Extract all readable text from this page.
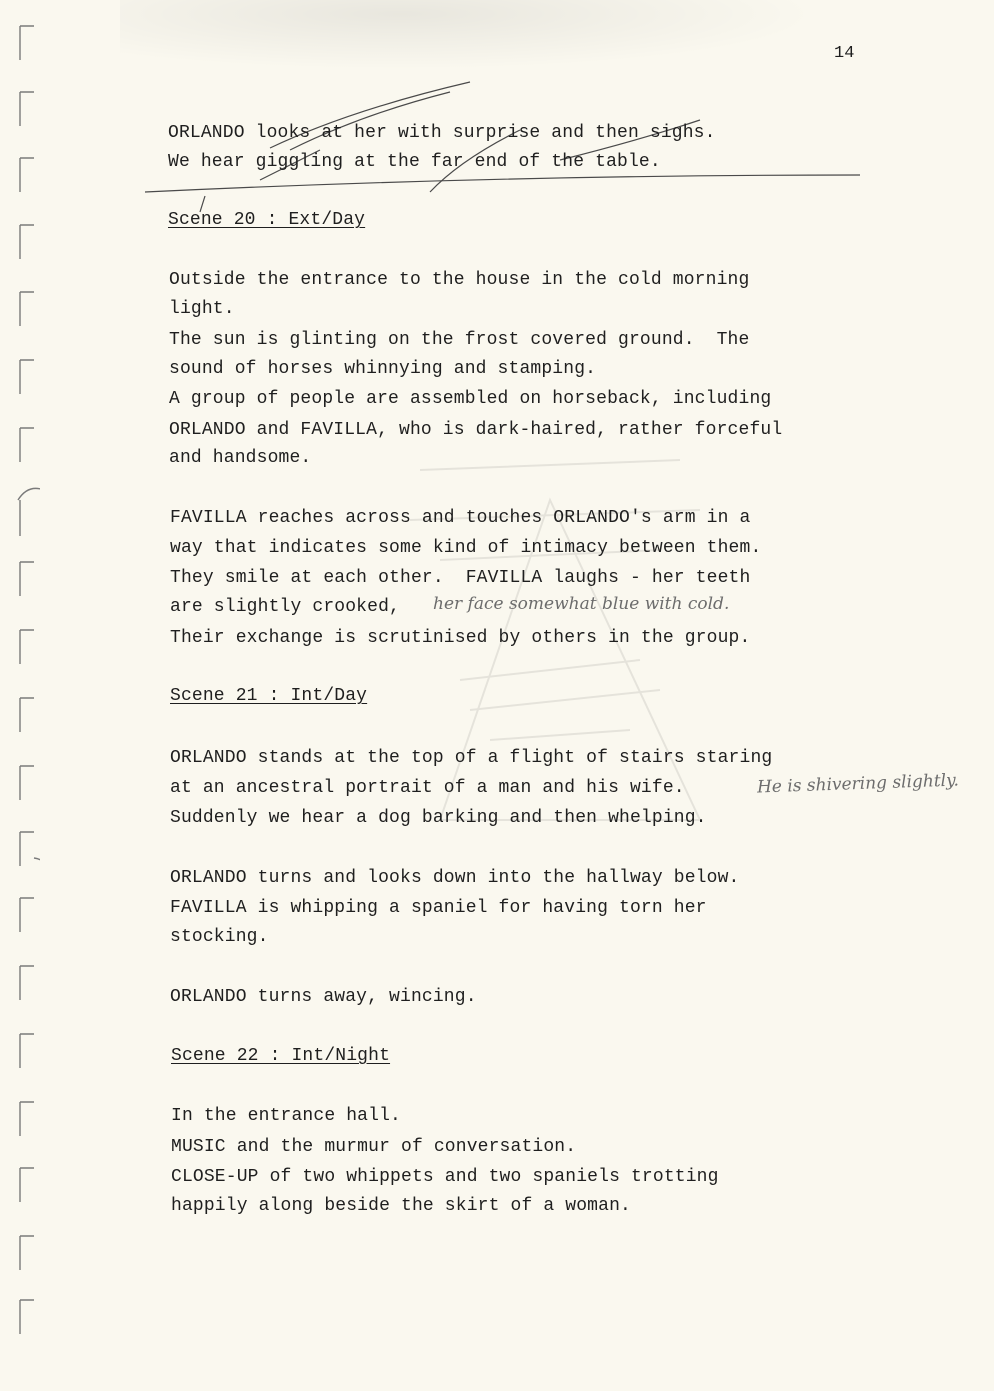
14
ORLANDO looks at her with surprise and then sighs.
We hear giggling at the far end of the table.
Scene 20 : Ext/Day
Outside the entrance to the house in the cold morning
light.
The sun is glinting on the frost covered ground.  The
sound of horses whinnying and stamping.
A group of people are assembled on horseback, including
ORLANDO and FAVILLA, who is dark-haired, rather forceful
and handsome.
FAVILLA reaches across and touches ORLANDO's arm in a
way that indicates some kind of intimacy between them.
They smile at each other.  FAVILLA laughs - her teeth
are slightly crooked, her face somewhat blue with cold.
Their exchange is scrutinised by others in the group.
Scene 21 : Int/Day
ORLANDO stands at the top of a flight of stairs staring
at an ancestral portrait of a man and his wife.	He is shivering slightly.
Suddenly we hear a dog barking and then whelping.
ORLANDO turns and looks down into the hallway below.
FAVILLA is whipping a spaniel for having torn her
stocking.
ORLANDO turns away, wincing.
Scene 22 : Int/Night
In the entrance hall.
MUSIC and the murmur of conversation.
CLOSE-UP of two whippets and two spaniels trotting
happily along beside the skirt of a woman.
